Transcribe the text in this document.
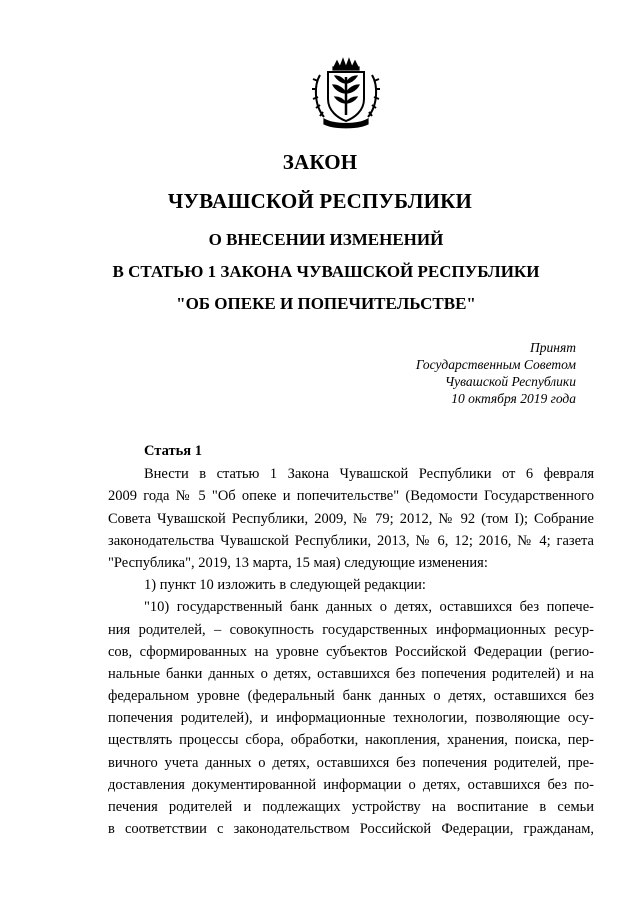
ЗАКОН
ЧУВАШСКОЙ РЕСПУБЛИКИ
О ВНЕСЕНИИ ИЗМЕНЕНИЙ
В СТАТЬЮ 1 ЗАКОНА ЧУВАШСКОЙ РЕСПУБЛИКИ
"ОБ ОПЕКЕ И ПОПЕЧИТЕЛЬСТВЕ"
Принят
Государственным Советом
Чувашской Республики
10 октября 2019 года
Статья 1
Внести в статью 1 Закона Чувашской Республики от 6 февраля
2009 года № 5 "Об опеке и попечительстве" (Ведомости Государственного
Совета Чувашской Республики, 2009, № 79; 2012, № 92 (том I); Собрание
законодательства Чувашской Республики, 2013, № 6, 12; 2016, № 4; газета
"Республика", 2019, 13 марта, 15 мая) следующие изменения:
1) пункт 10 изложить в следующей редакции:
"10) государственный банк данных о детях, оставшихся без попече-
ния родителей, – совокупность государственных информационных ресур-
сов, сформированных на уровне субъектов Российской Федерации (регио-
нальные банки данных о детях, оставшихся без попечения родителей) и на
федеральном уровне (федеральный банк данных о детях, оставшихся без
попечения родителей), и информационные технологии, позволяющие осу-
ществлять процессы сбора, обработки, накопления, хранения, поиска, пер-
вичного учета данных о детях, оставшихся без попечения родителей, пре-
доставления документированной информации о детях, оставшихся без по-
печения родителей и подлежащих устройству на воспитание в семьи
в соответствии с законодательством Российской Федерации, гражданам,
